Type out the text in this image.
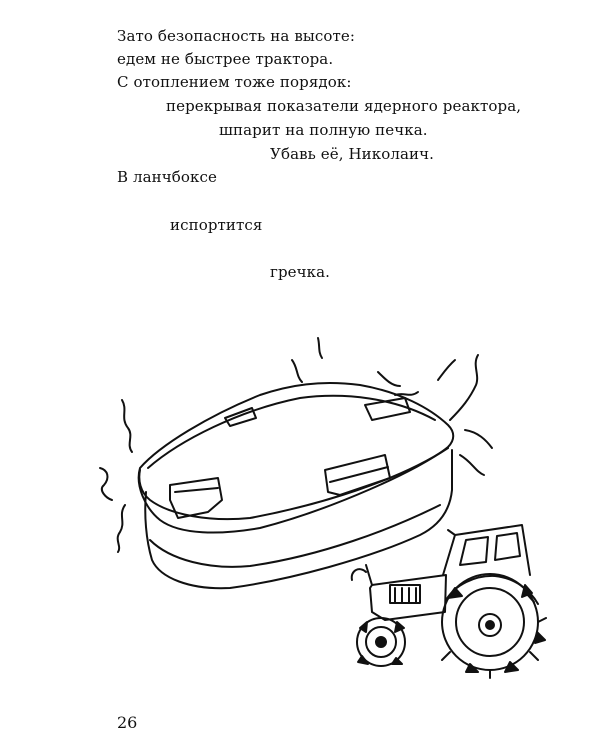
Зато безопасность на высоте:
едем не быстрее трактора.
С отоплением тоже порядок:
перекрывая показатели ядерного реактора,
шпарит на полную печка.
Убавь её, Николаич.
В ланчбоксе
испортится
гречка.
26
